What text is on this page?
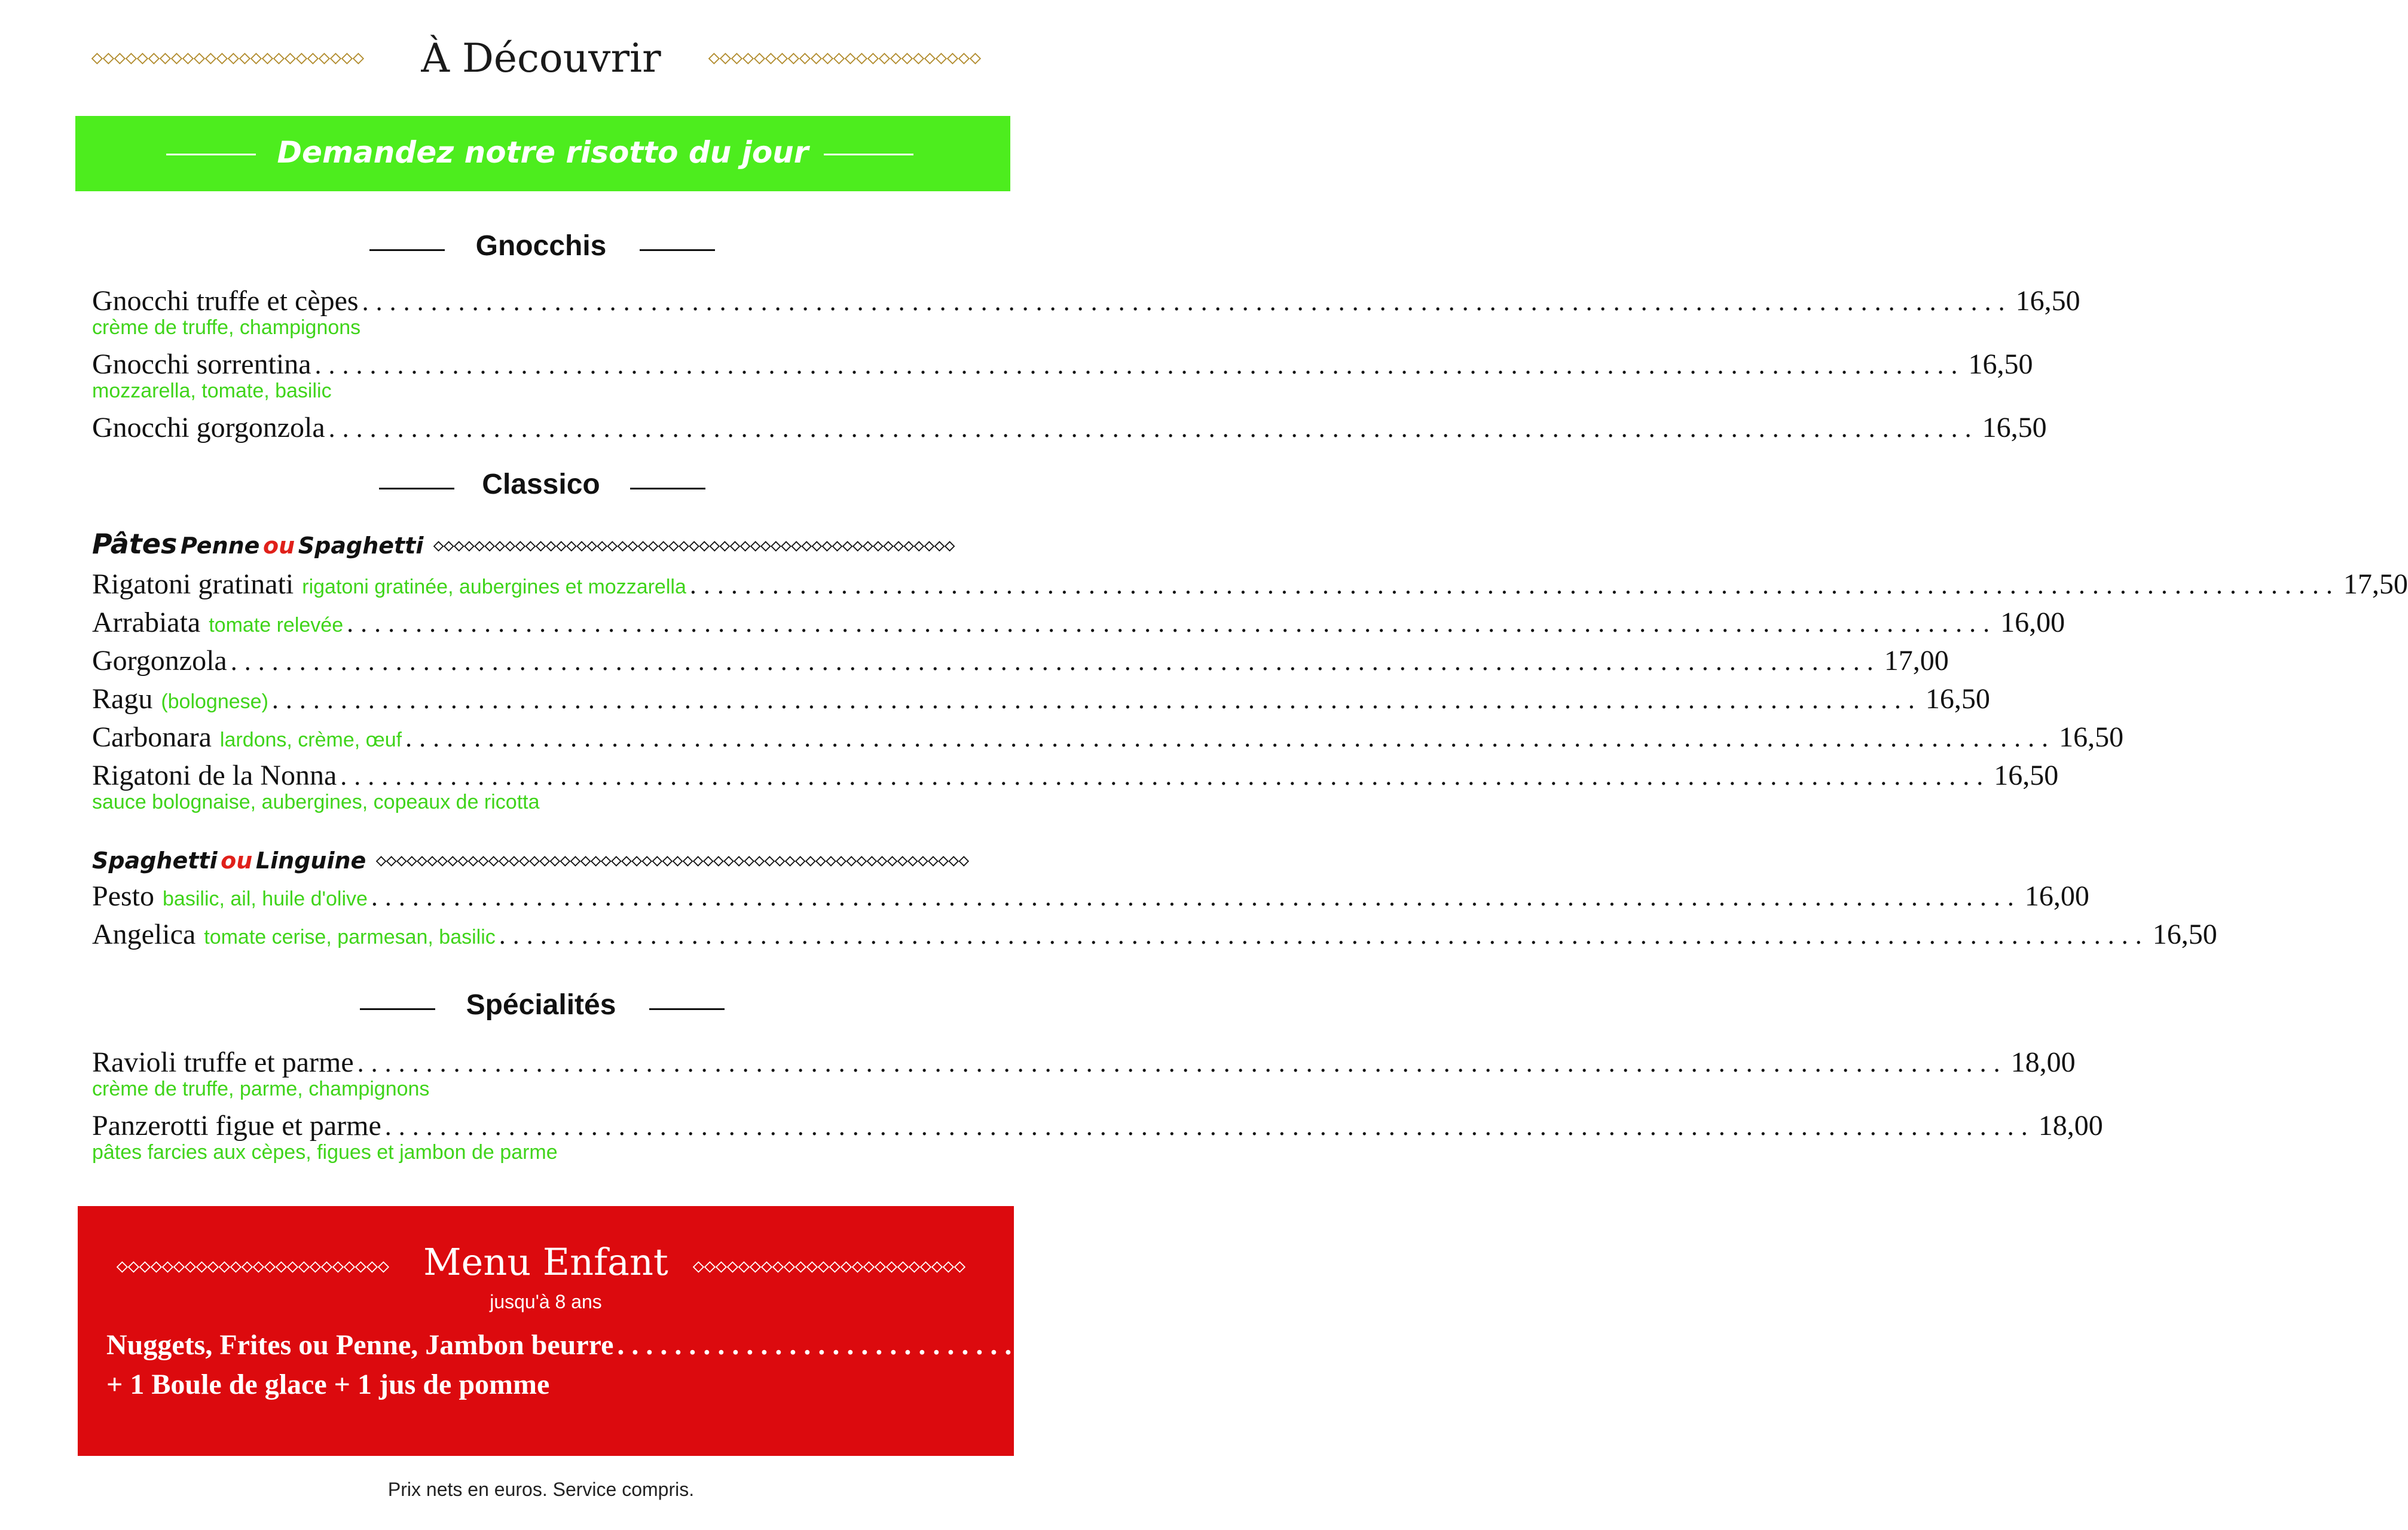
À Découvrir
Demandez notre risotto du jour
Gnocchis
Gnocchi truffe et cèpes ........................................................................................................................ 16,50
crème de truffe, champignons
Gnocchi sorrentina ........................................................................................................................ 16,50
mozzarella, tomate, basilic
Gnocchi gorgonzola ........................................................................................................................ 16,50
Classico
Pâtes Penne ou Spaghetti
Rigatoni gratinati rigatoni gratinée, aubergines et mozzarella ........................................................................................................................ 17,50
Arrabiata tomate relevée ........................................................................................................................ 16,00
Gorgonzola ........................................................................................................................ 17,00
Ragu (bolognese) ........................................................................................................................ 16,50
Carbonara lardons, crème, œuf ........................................................................................................................ 16,50
Rigatoni de la Nonna ........................................................................................................................ 16,50
sauce bolognaise, aubergines, copeaux de ricotta
Spaghetti ou Linguine
Pesto basilic, ail, huile d'olive ........................................................................................................................ 16,00
Angelica tomate cerise, parmesan, basilic ........................................................................................................................ 16,50
Spécialités
Ravioli truffe et parme ........................................................................................................................ 18,00
crème de truffe, parme, champignons
Panzerotti figue et parme ........................................................................................................................ 18,00
pâtes farcies aux cèpes, figues et jambon de parme
Menu Enfant
jusqu'à 8 ans
Nuggets, Frites ou Penne, Jambon beurre ........................................................................................................................ 12,00
+ 1 Boule de glace + 1 jus de pomme
Prix nets en euros. Service compris.
